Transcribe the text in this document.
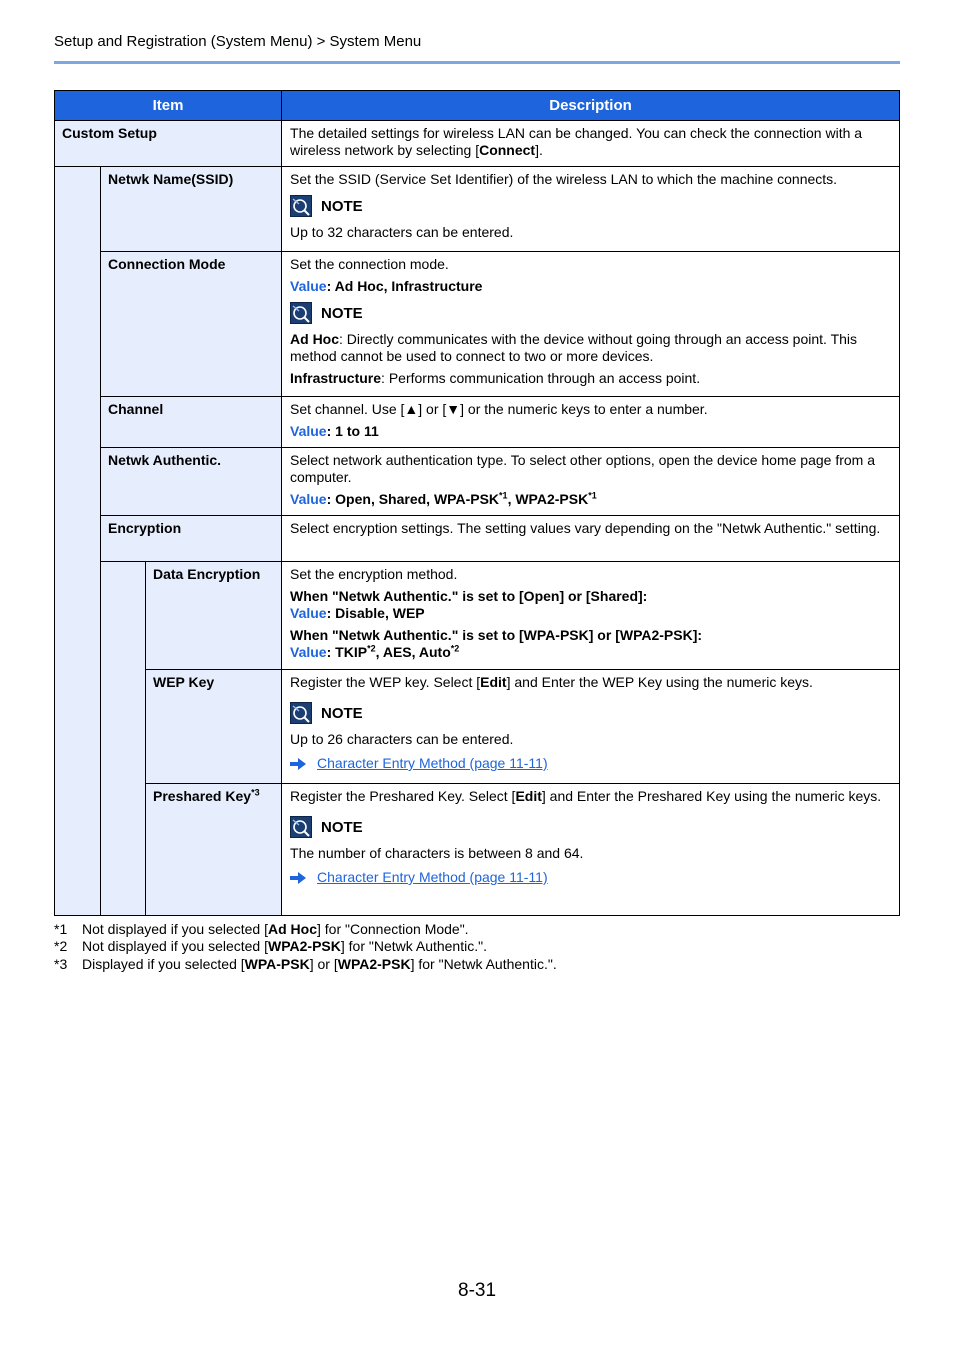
Setup and Registration (System Menu) > System Menu
Item			Description
Custom Setup			The detailed settings for wireless LAN can be changed. You can check the connection with a wireless network by selecting [Connect].

	Netwk Name(SSID)		Set the SSID (Service Set Identifier) of the wireless LAN to which the machine connects.

NOTE

Up to 32 characters can be entered.

	Connection Mode		Set the connection mode.

Value: Ad Hoc, Infrastructure

NOTE

Ad Hoc: Directly communicates with the device without going through an access point. This method cannot be used to connect to two or more devices.

Infrastructure: Performs communication through an access point.

	Channel		Set channel. Use [▲] or [▼] or the numeric keys to enter a number.

Value: 1 to 11

	Netwk Authentic.		Select network authentication type. To select other options, open the device home page from a computer.

Value: Open, Shared, WPA-PSK$^{*1}$, WPA2-PSK$^{*1}$

	Encryption		Select encryption settings. The setting values vary depending on the "Netwk Authentic." setting.

		Data Encryption	Set the encryption method.

When "Netwk Authentic." is set to [Open] or [Shared]:

Value: Disable, WEP

When "Netwk Authentic." is set to [WPA-PSK] or [WPA2-PSK]:

Value: TKIP$^{*2}$, AES, Auto$^{*2}$

		WEP Key	Register the WEP key. Select [Edit] and Enter the WEP Key using the numeric keys.

NOTE

Up to 26 characters can be entered.

Character Entry Method (page 11-11)

		Preshared Key$^{*3}$	Register the Preshared Key. Select [Edit] and Enter the Preshared Key using the numeric keys.

NOTE

The number of characters is between 8 and 64.

Character Entry Method (page 11-11)
*1 Not displayed if you selected [Ad Hoc] for "Connection Mode".
*2 Not displayed if you selected [WPA2-PSK] for "Netwk Authentic.".
*3 Displayed if you selected [WPA-PSK] or [WPA2-PSK] for "Netwk Authentic.".
8-31
